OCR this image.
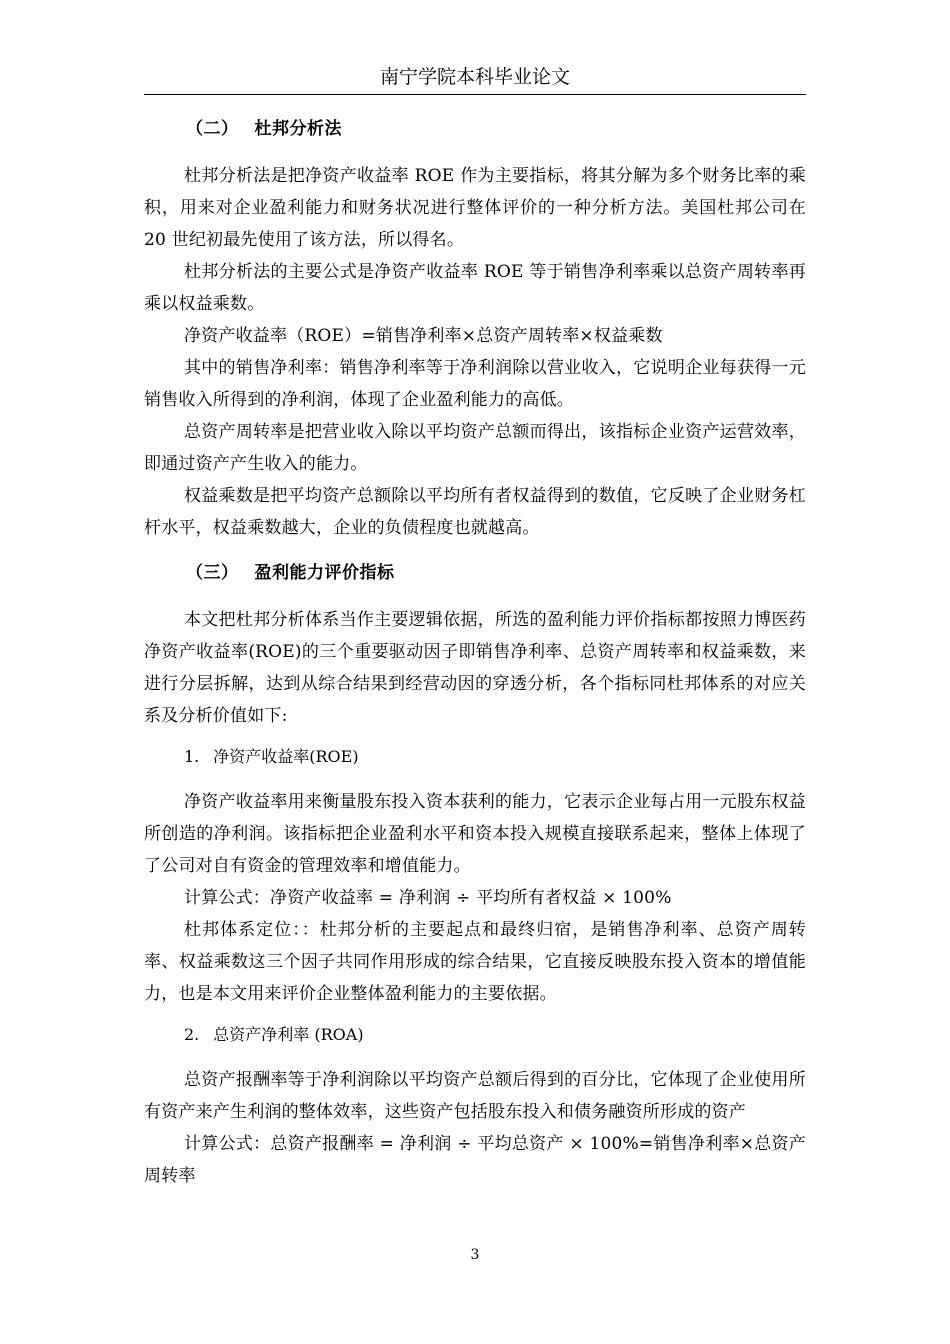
南宁学院本科毕业论文
（二） 杜邦分析法

杜邦分析法是把净资产收益率 ROE 作为主要指标，将其分解为多个财务比率的乘积，用来对企业盈利能力和财务状况进行整体评价的一种分析方法。美国杜邦公司在 20 世纪初最先使用了该方法，所以得名。

杜邦分析法的主要公式是净资产收益率 ROE 等于销售净利率乘以总资产周转率再乘以权益乘数。

净资产收益率（ROE）=销售净利率×总资产周转率×权益乘数

其中的销售净利率：销售净利率等于净利润除以营业收入，它说明企业每获得一元销售收入所得到的净利润，体现了企业盈利能力的高低。

总资产周转率是把营业收入除以平均资产总额而得出，该指标企业资产运营效率，即通过资产产生收入的能力。

权益乘数是把平均资产总额除以平均所有者权益得到的数值，它反映了企业财务杠杆水平，权益乘数越大，企业的负债程度也就越高。

（三） 盈利能力评价指标

本文把杜邦分析体系当作主要逻辑依据，所选的盈利能力评价指标都按照力博医药净资产收益率(ROE)的三个重要驱动因子即销售净利率、总资产周转率和权益乘数，来进行分层拆解，达到从综合结果到经营动因的穿透分析，各个指标同杜邦体系的对应关系及分析价值如下:

1. 净资产收益率(ROE)

净资产收益率用来衡量股东投入资本获利的能力，它表示企业每占用一元股东权益所创造的净利润。该指标把企业盈利水平和资本投入规模直接联系起来，整体上体现了了公司对自有资金的管理效率和增值能力。

计算公式：净资产收益率 = 净利润 ÷ 平均所有者权益 × 100%

杜邦体系定位：：杜邦分析的主要起点和最终归宿，是销售净利率、总资产周转率、权益乘数这三个因子共同作用形成的综合结果，它直接反映股东投入资本的增值能力，也是本文用来评价企业整体盈利能力的主要依据。

2. 总资产净利率 (ROA)

总资产报酬率等于净利润除以平均资产总额后得到的百分比，它体现了企业使用所有资产来产生利润的整体效率，这些资产包括股东投入和债务融资所形成的资产

计算公式：总资产报酬率 = 净利润 ÷ 平均总资产 × 100%=销售净利率×总资产周转率

3
